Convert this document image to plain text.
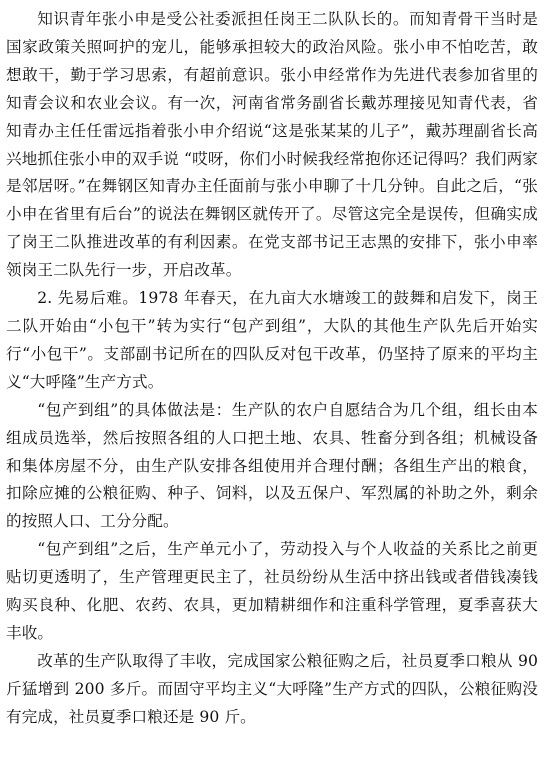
知识青年张小申是受公社委派担任岗王二队队长的。而知青骨干当时是国家政策关照呵护的宠儿，能够承担较大的政治风险。张小申不怕吃苦，敢想敢干，勤于学习思索，有超前意识。张小申经常作为先进代表参加省里的知青会议和农业会议。有一次，河南省常务副省长戴苏理接见知青代表，省知青办主任任雷远指着张小申介绍说“这是张某某的儿子”，戴苏理副省长高兴地抓住张小申的双手说 “哎呀，你们小时候我经常抱你还记得吗？我们两家是邻居呀。”在舞钢区知青办主任面前与张小申聊了十几分钟。自此之后，“张小申在省里有后台”的说法在舞钢区就传开了。尽管这完全是误传，但确实成了岗王二队推进改革的有利因素。在党支部书记王志黑的安排下，张小申率领岗王二队先行一步，开启改革。

2. 先易后难。1978 年春天，在九亩大水塘竣工的鼓舞和启发下，岗王二队开始由“小包干”转为实行“包产到组”，大队的其他生产队先后开始实行“小包干”。支部副书记所在的四队反对包干改革，仍坚持了原来的平均主义“大呼隆”生产方式。

“包产到组”的具体做法是：生产队的农户自愿结合为几个组，组长由本组成员选举，然后按照各组的人口把土地、农具、牲畜分到各组；机械设备和集体房屋不分，由生产队安排各组使用并合理付酬；各组生产出的粮食，扣除应摊的公粮征购、种子、饲料，以及五保户、军烈属的补助之外，剩余的按照人口、工分分配。

“包产到组”之后，生产单元小了，劳动投入与个人收益的关系比之前更贴切更透明了，生产管理更民主了，社员纷纷从生活中挤出钱或者借钱凑钱购买良种、化肥、农药、农具，更加精耕细作和注重科学管理，夏季喜获大丰收。

改革的生产队取得了丰收，完成国家公粮征购之后，社员夏季口粮从 90 斤猛增到 200 多斤。而固守平均主义“大呼隆”生产方式的四队，公粮征购没有完成，社员夏季口粮还是 90 斤。
